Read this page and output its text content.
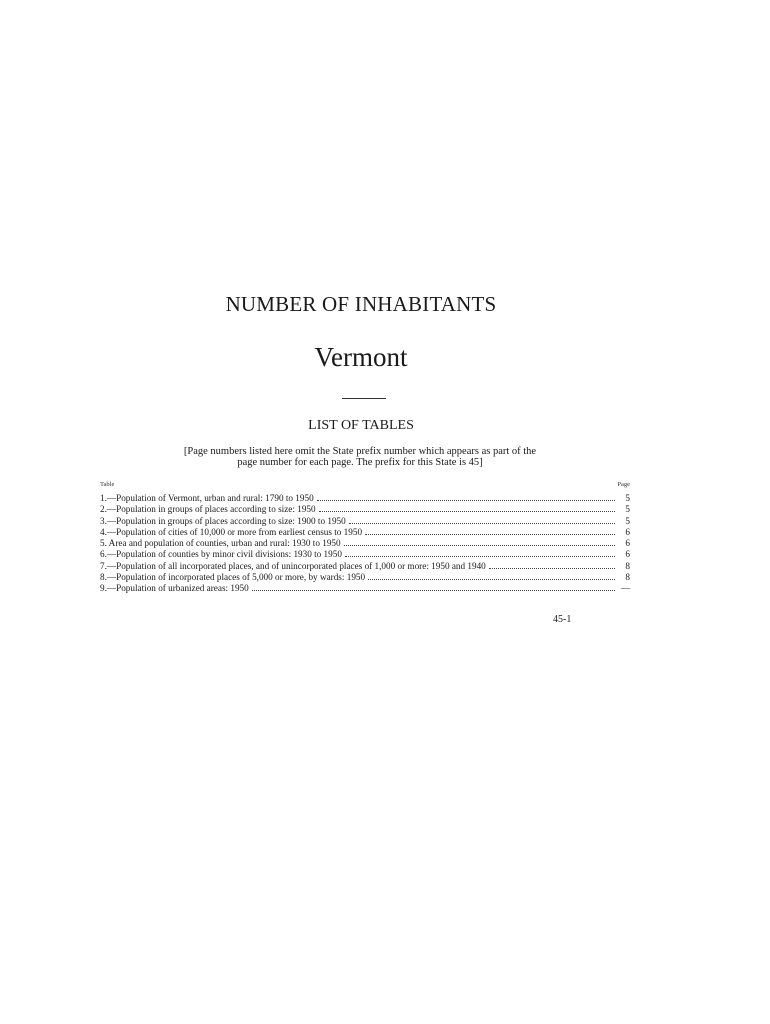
NUMBER OF INHABITANTS
Vermont
LIST OF TABLES
[Page numbers listed here omit the State prefix number which appears as part of the
page number for each page. The prefix for this State is 45]
Table	Page
1.—Population of Vermont, urban and rural: 1790 to 1950	5
2.—Population in groups of places according to size: 1950	5
3.—Population in groups of places according to size: 1900 to 1950	5
4.—Population of cities of 10,000 or more from earliest census to 1950	6
5. Area and population of counties, urban and rural: 1930 to 1950	6
6.—Population of counties by minor civil divisions: 1930 to 1950	6
7.—Population of all incorporated places, and of unincorporated places of 1,000 or more: 1950 and 1940	8
8.—Population of incorporated places of 5,000 or more, by wards: 1950	8
9.—Population of urbanized areas: 1950	—
45-1
